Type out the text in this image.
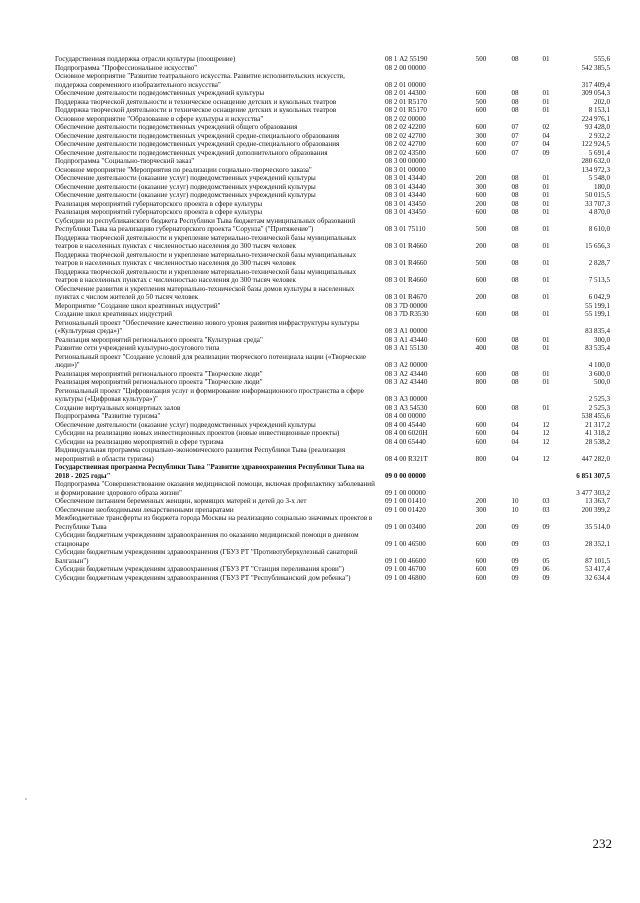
Государственная поддержка отрасли культуры (поощрение)	08 1 А2 55190	500	08	01	555,6
Подпрограмма "Профессиональное искусство"	08 2 00 00000				542 385,5
Основное мероприятие "Развитие театрального искусства. Развитие исполнительских искусств, поддержка современного изобразительного искусства"	08 2 01 00000				317 409,4
Обеспечение деятельности подведомственных учреждений культуры	08 2 01 44300	600	08	01	309 054,3
Поддержка творческой деятельности и техническое оснащение детских и кукольных театров	08 2 01 R5170	500	08	01	202,0
Поддержка творческой деятельности и техническое оснащение детских и кукольных театров	08 2 01 R5170	600	08	01	8 153,1
Основное мероприятие "Образование в сфере культуры и искусства"	08 2 02 00000				224 976,1
Обеспечение деятельности подведомственных учреждений общего образования	08 2 02 42200	600	07	02	93 428,0
Обеспечение деятельности подведомственных учреждений средне-специального образования	08 2 02 42700	300	07	04	2 932,2
Обеспечение деятельности подведомственных учреждений средне-специального образования	08 2 02 42700	600	07	04	122 924,5
Обеспечение деятельности подведомственных учреждений дополнительного образования	08 2 02 43500	600	07	09	5 691,4
Подпрограмма "Социально-творческий заказ"	08 3 00 00000				280 632,0
Основное мероприятие "Мероприятия по реализации социально-творческого заказа"	08 3 01 00000				134 972,3
Обеспечение деятельности (оказание услуг) подведомственных учреждений культуры	08 3 01 43440	200	08	01	5 548,0
Обеспечение деятельности (оказание услуг) подведомственных учреждений культуры	08 3 01 43440	300	08	01	180,0
Обеспечение деятельности (оказание услуг) подведомственных учреждений культуры	08 3 01 43440	600	08	01	50 015,5
Реализация мероприятий губернаторского проекта в сфере культуры	08 3 01 43450	200	08	01	33 707,3
Реализация мероприятий губернаторского проекта в сфере культуры	08 3 01 43450	600	08	01	4 870,0
Субсидии из республиканского бюджета Республики Тыва бюджетам муниципальных образований Республики Тыва на реализацию губернаторского проекта "Сорунза" ("Притяжение")	08 3 01 75110	500	08	01	8 610,0
Поддержка творческой деятельности и укрепление материально-технической базы муниципальных театров в населенных пунктах с численностью населения до 300 тысяч человек	08 3 01 R4660	200	08	01	15 656,3
Поддержка творческой деятельности и укрепление материально-технической базы муниципальных театров в населенных пунктах с численностью населения до 300 тысяч человек	08 3 01 R4660	500	08	01	2 828,7
Поддержка творческой деятельности и укрепление материально-технической базы муниципальных театров в населенных пунктах с численностью населения до 300 тысяч человек	08 3 01 R4660	600	08	01	7 513,5
Обеспечение развития и укрепления материально-технической базы домов культуры в населенных пунктах с числом жителей до 50 тысяч человек	08 3 01 R4670	200	08	01	6 042,9
Мероприятие "Создание школ креативных индустрий"	08 3 7D 00000				55 199,1
Создание школ креативных индустрий	08 3 7D R3530	600	08	01	55 199,1
Региональный проект "Обеспечение качественно нового уровня развития инфраструктуры культуры («Культурная среда»)"	08 3 А1 00000				83 835,4
Реализация мероприятий регионального проекта "Культурная среда"	08 3 А1 43440	600	08	01	300,0
Развитие сети учреждений культурно-досугового типа	08 3 А1 55130	400	08	01	83 535,4
Региональный проект "Создание условий для реализации творческого потенциала нации («Творческие люди»)"	08 3 А2 00000				4 100,0
Реализация мероприятий регионального проекта "Творческие люди"	08 3 А2 43440	600	08	01	3 600,0
Реализация мероприятий регионального проекта "Творческие люди"	08 3 А2 43440	800	08	01	500,0
Региональный проект "Цифровизация услуг и формирование информационного пространства в сфере культуры («Цифровая культура»)"	08 3 А3 00000				2 525,3
Создание виртуальных концертных залов	08 3 А3 54530	600	08	01	2 525,3
Подпрограмма "Развитие туризма"	08 4 00 00000				538 455,6
Обеспечение деятельности (оказание услуг) подведомственных учреждений культуры	08 4 00 45440	600	04	12	21 317,2
Субсидии на реализацию новых инвестиционных проектов (новые инвестиционные проекты)	08 4 00 6020Н	600	04	12	41 318,2
Субсидии на реализацию мероприятий в сфере туризма	08 4 00 65440	600	04	12	28 538,2
Индивидуальная программа социально-экономического развития Республики Тыва (реализация мероприятий в области туризма)	08 4 00 R321Т	800	04	12	447 282,0
Государственная программа Республики Тыва "Развитие здравоохранения Республики Тыва на 2018 - 2025 годы"	09 0 00 00000				6 851 307,5
Подпрограмма "Совершенствование оказания медицинской помощи, включая профилактику заболеваний и формирование здорового образа жизни"	09 1 00 00000				3 477 303,2
Обеспечение питанием беременных женщин, кормящих матерей и детей до 3-х лет	09 1 00 01410	200	10	03	13 363,7
Обеспечение необходимыми лекарственными препаратами	09 1 00 01420	300	10	03	200 399,2
Межбюджетные трансферты из бюджета города Москвы на реализацию социально значимых проектов в Республике Тыва	09 1 00 03400	200	09	09	35 514,0
Субсидии бюджетным учреждениям здравоохранения по оказанию медицинской помощи в дневном стационаре	09 1 00 46500	600	09	03	28 352,1
Субсидии бюджетным учреждениям здравоохранения (ГБУЗ РТ "Противотуберкулезный санаторий Балгазын")	09 1 00 46600	600	09	05	87 101,5
Субсидии бюджетным учреждениям здравоохранения (ГБУЗ РТ "Станция переливания крови")	09 1 00 46700	600	09	06	53 417,4
Субсидии бюджетным учреждениям здравоохранения (ГБУЗ РТ "Республиканский дом ребенка")	09 1 00 46800	600	09	09	32 634,4
232
